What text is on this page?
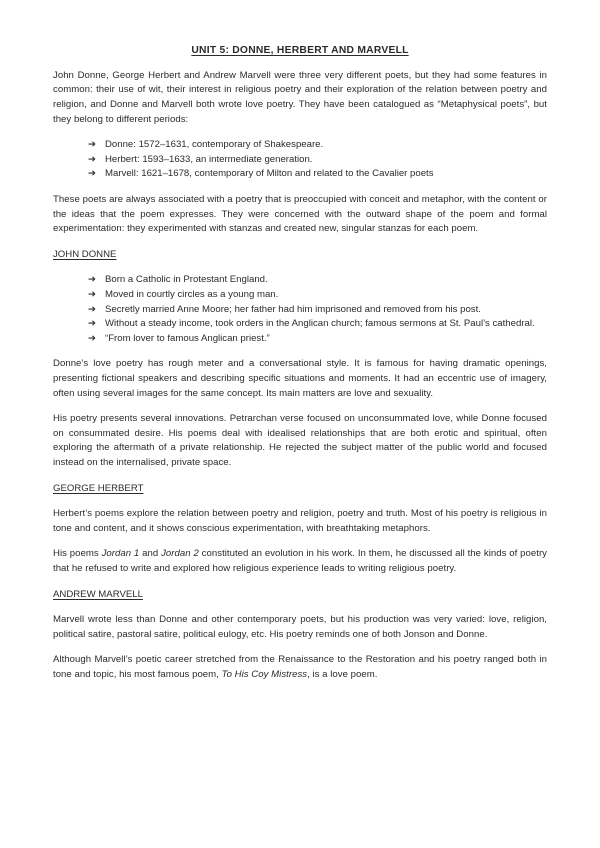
UNIT 5: DONNE, HERBERT AND MARVELL

John Donne, George Herbert and Andrew Marvell were three very different poets, but they had some features in common: their use of wit, their interest in religious poetry and their exploration of the relation between poetry and religion, and Donne and Marvell both wrote love poetry. They have been catalogued as “Metaphysical poets”, but they belong to different periods:

➔ Donne: 1572–1631, contemporary of Shakespeare.
➔ Herbert: 1593–1633, an intermediate generation.
➔ Marvell: 1621–1678, contemporary of Milton and related to the Cavalier poets

These poets are always associated with a poetry that is preoccupied with conceit and metaphor, with the content or the ideas that the poem expresses. They were concerned with the outward shape of the poem and formal experimentation: they experimented with stanzas and created new, singular stanzas for each poem.

JOHN DONNE
➔ Born a Catholic in Protestant England.
➔ Moved in courtly circles as a young man.
➔ Secretly married Anne Moore; her father had him imprisoned and removed from his post.
➔ Without a steady income, took orders in the Anglican church; famous sermons at St. Paul’s cathedral.
➔ “From lover to famous Anglican priest.”

Donne’s love poetry has rough meter and a conversational style. It is famous for having dramatic openings, presenting fictional speakers and describing specific situations and moments. It had an eccentric use of imagery, often using several images for the same concept. Its main matters are love and sexuality.

His poetry presents several innovations. Petrarchan verse focused on unconsummated love, while Donne focused on consummated desire. His poems deal with idealised relationships that are both erotic and spiritual, often exploring the aftermath of a private relationship. He rejected the subject matter of the public world and focused instead on the internalised, private space.

GEORGE HERBERT

Herbert’s poems explore the relation between poetry and religion, poetry and truth. Most of his poetry is religious in tone and content, and it shows conscious experimentation, with breathtaking metaphors.

His poems Jordan 1 and Jordan 2 constituted an evolution in his work. In them, he discussed all the kinds of poetry that he refused to write and explored how religious experience leads to writing religious poetry.

ANDREW MARVELL

Marvell wrote less than Donne and other contemporary poets, but his production was very varied: love, religion, political satire, pastoral satire, political eulogy, etc. His poetry reminds one of both Jonson and Donne.

Although Marvell’s poetic career stretched from the Renaissance to the Restoration and his poetry ranged both in tone and topic, his most famous poem, To His Coy Mistress, is a love poem.
